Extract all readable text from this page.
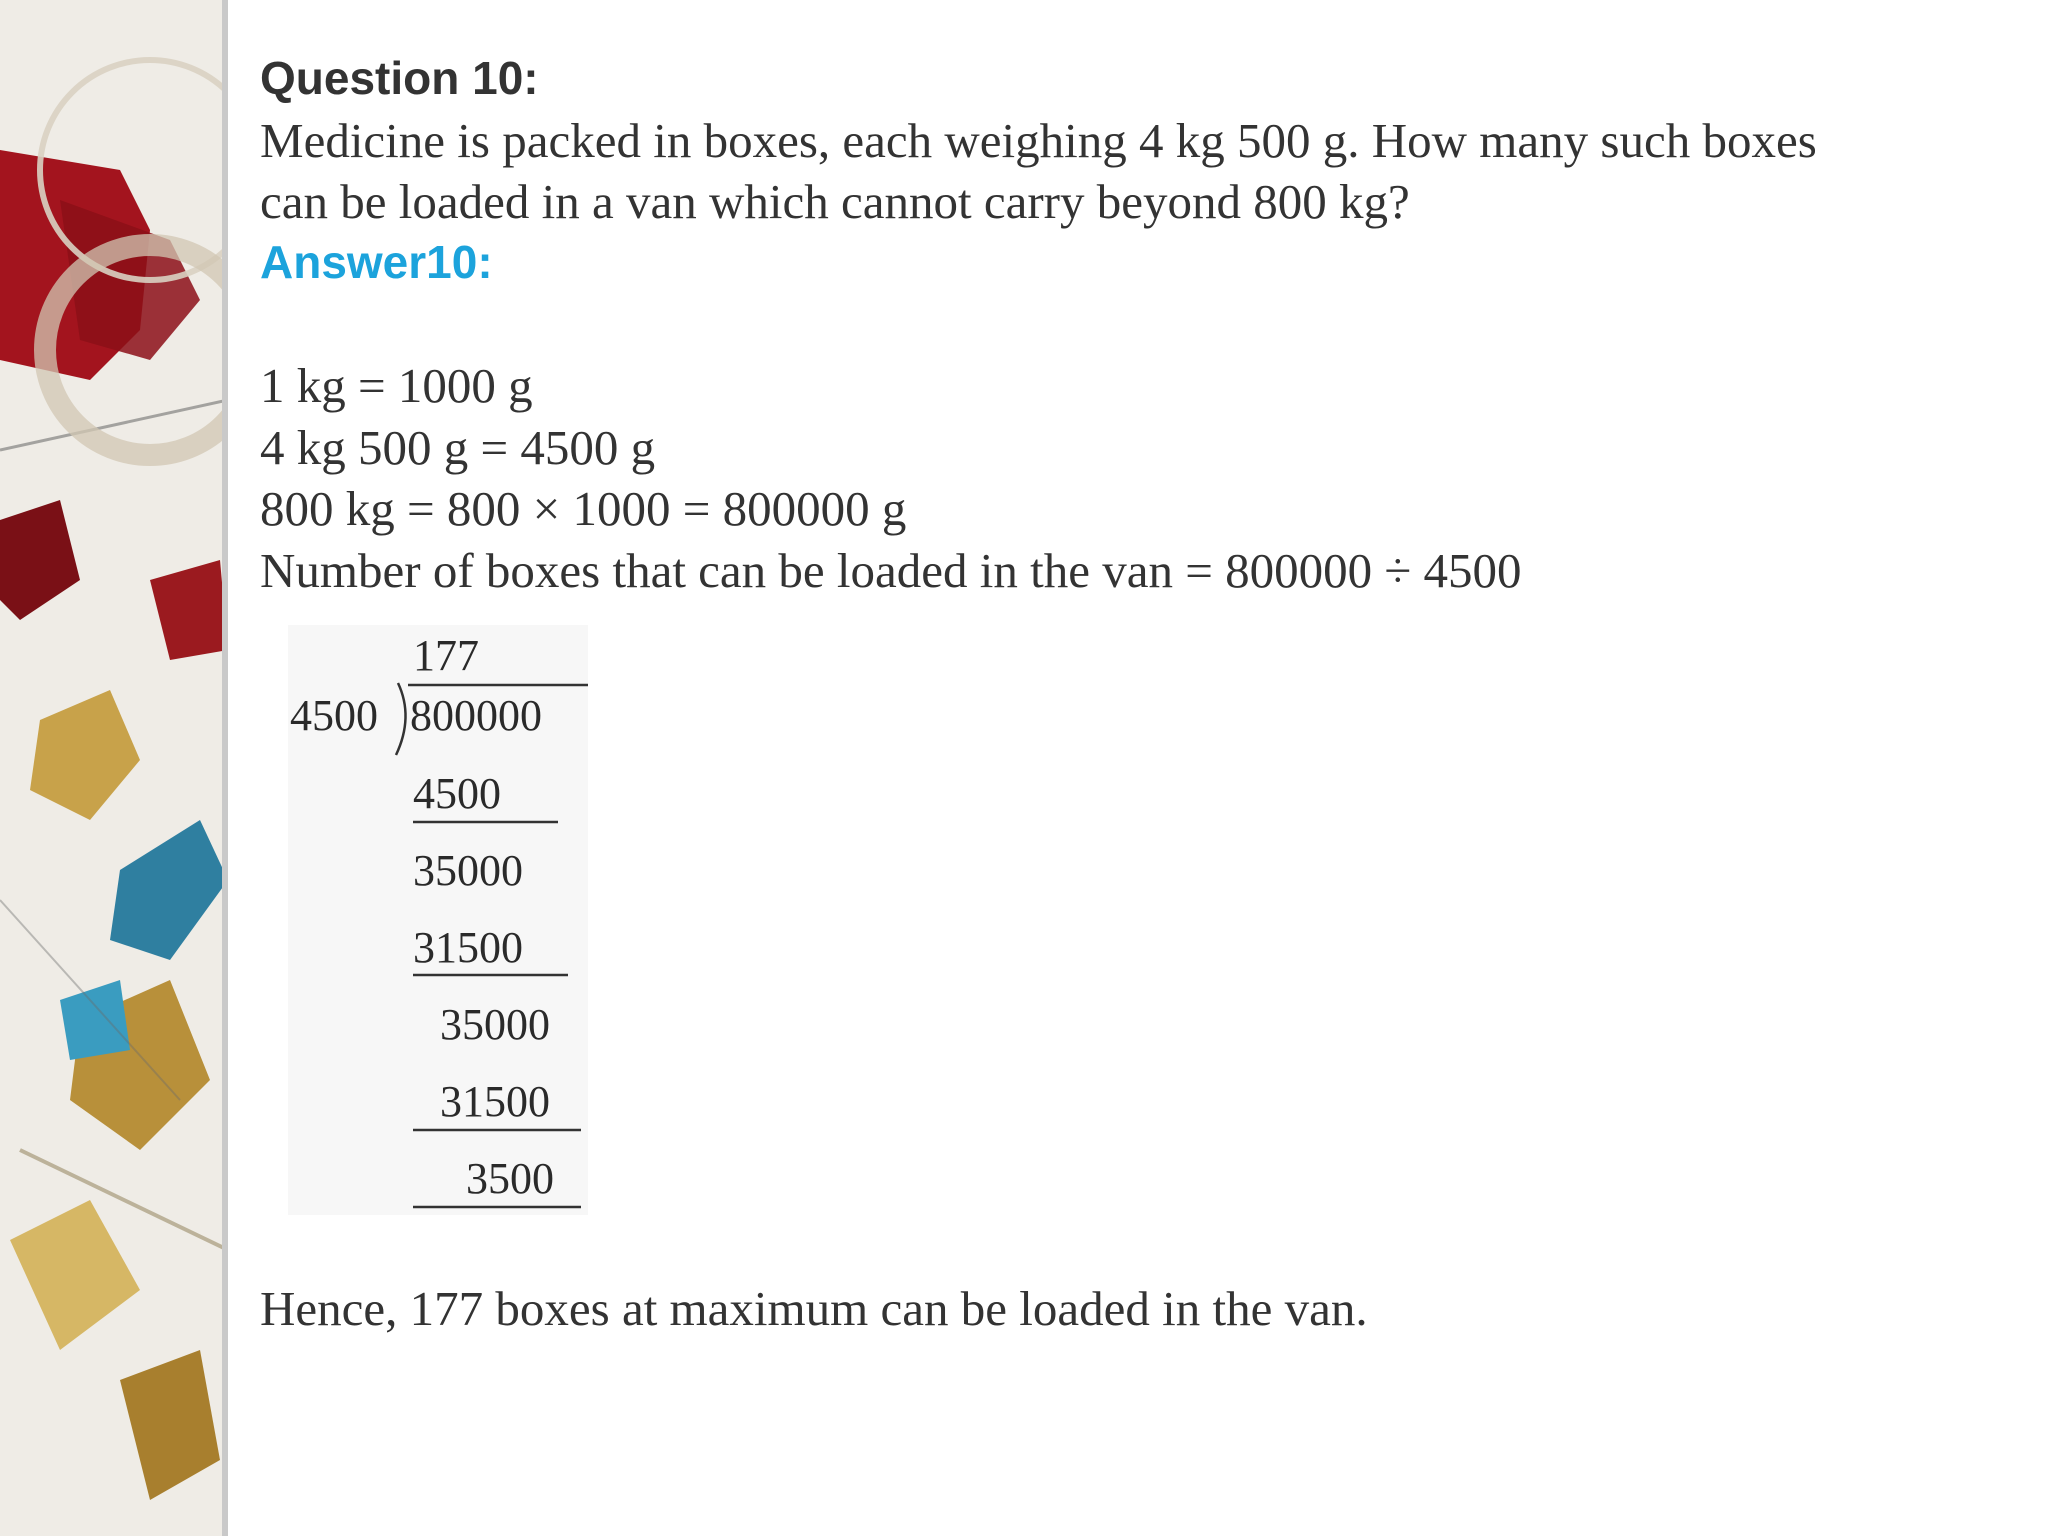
Question 10:
Medicine is packed in boxes, each weighing 4 kg 500 g. How many such boxes
can be loaded in a van which cannot carry beyond 800 kg?
Answer10:
1 kg = 1000 g
4 kg 500 g = 4500 g
800 kg = 800 × 1000 = 800000 g
Number of boxes that can be loaded in the van = 800000 ÷ 4500
177
4500 800000
4500
35000
31500
35000
31500
3500
Hence, 177 boxes at maximum can be loaded in the van.
